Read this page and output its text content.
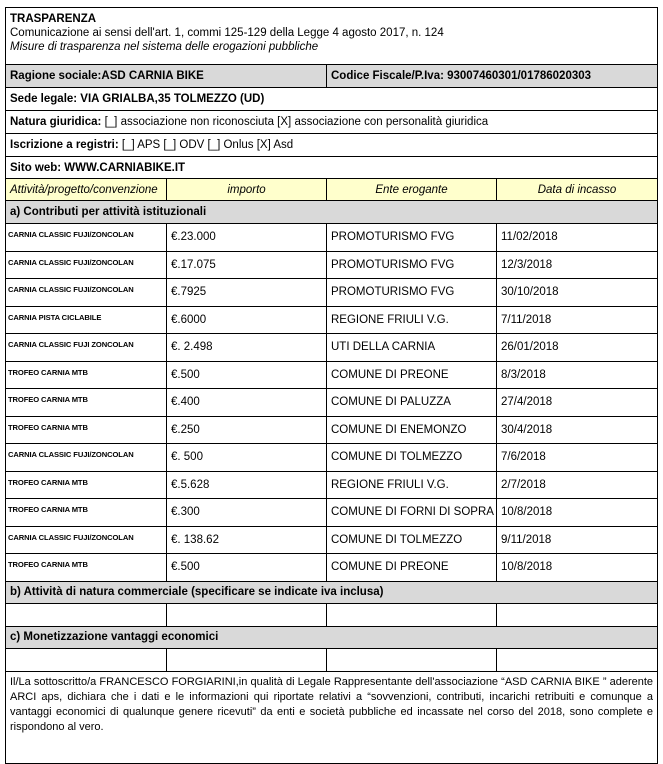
TRASPARENZA
Comunicazione ai sensi dell'art. 1, commi 125-129 della Legge 4 agosto 2017, n. 124
Misure di trasparenza nel sistema delle erogazioni pubbliche			

Ragione sociale:ASD CARNIA BIKE		Codice Fiscale/P.Iva: 93007460301/01786020303	
Sede legale: VIA GRIALBA,35 TOLMEZZO (UD)			
Natura giuridica: [_] associazione non riconosciuta [X] associazione con personalità giuridica			
Iscrizione a registri: [_] APS [_] ODV [_] Onlus [X] Asd			
Sito web: WWW.CARNIABIKE.IT			
Attività/progetto/convenzione	importo	Ente erogante	Data di incasso
a) Contributi per attività istituzionali			
CARNIA CLASSIC FUJI/ZONCOLAN	€.23.000	PROMOTURISMO FVG	11/02/2018
CARNIA CLASSIC FUJI/ZONCOLAN	€.17.075	PROMOTURISMO FVG	12/3/2018
CARNIA CLASSIC FUJI/ZONCOLAN	€.7925	PROMOTURISMO FVG	30/10/2018
CARNIA PISTA CICLABILE	€.6000	REGIONE FRIULI V.G.	7/11/2018
CARNIA CLASSIC FUJI ZONCOLAN	€. 2.498	UTI DELLA CARNIA	26/01/2018
TROFEO CARNIA MTB	€.500	COMUNE DI PREONE	8/3/2018
TROFEO CARNIA MTB	€.400	COMUNE DI PALUZZA	27/4/2018
TROFEO CARNIA MTB	€.250	COMUNE DI ENEMONZO	30/4/2018
CARNIA CLASSIC FUJI/ZONCOLAN	€. 500	COMUNE DI TOLMEZZO	7/6/2018
TROFEO CARNIA MTB	€.5.628	REGIONE FRIULI V.G.	2/7/2018
TROFEO CARNIA MTB	€.300	COMUNE DI FORNI DI SOPRA	10/8/2018
CARNIA CLASSIC FUJI/ZONCOLAN	€. 138.62	COMUNE DI TOLMEZZO	9/11/2018
TROFEO CARNIA MTB	€.500	COMUNE DI PREONE	10/8/2018
b) Attività di natura commerciale (specificare se indicate iva inclusa)			

c) Monetizzazione vantaggi economici			

Il/La sottoscritto/a FRANCESCO FORGIARINI,in qualità di Legale Rappresentante dell'associazione “ASD CARNIA BIKE ” aderente ARCI aps, dichiara che i dati e le informazioni qui riportate relativi a “sovvenzioni, contributi, incarichi retribuiti e comunque a vantaggi economici di qualunque genere ricevuti” da enti e società pubbliche ed incassate nel corso del 2018, sono complete e rispondono al vero.			
